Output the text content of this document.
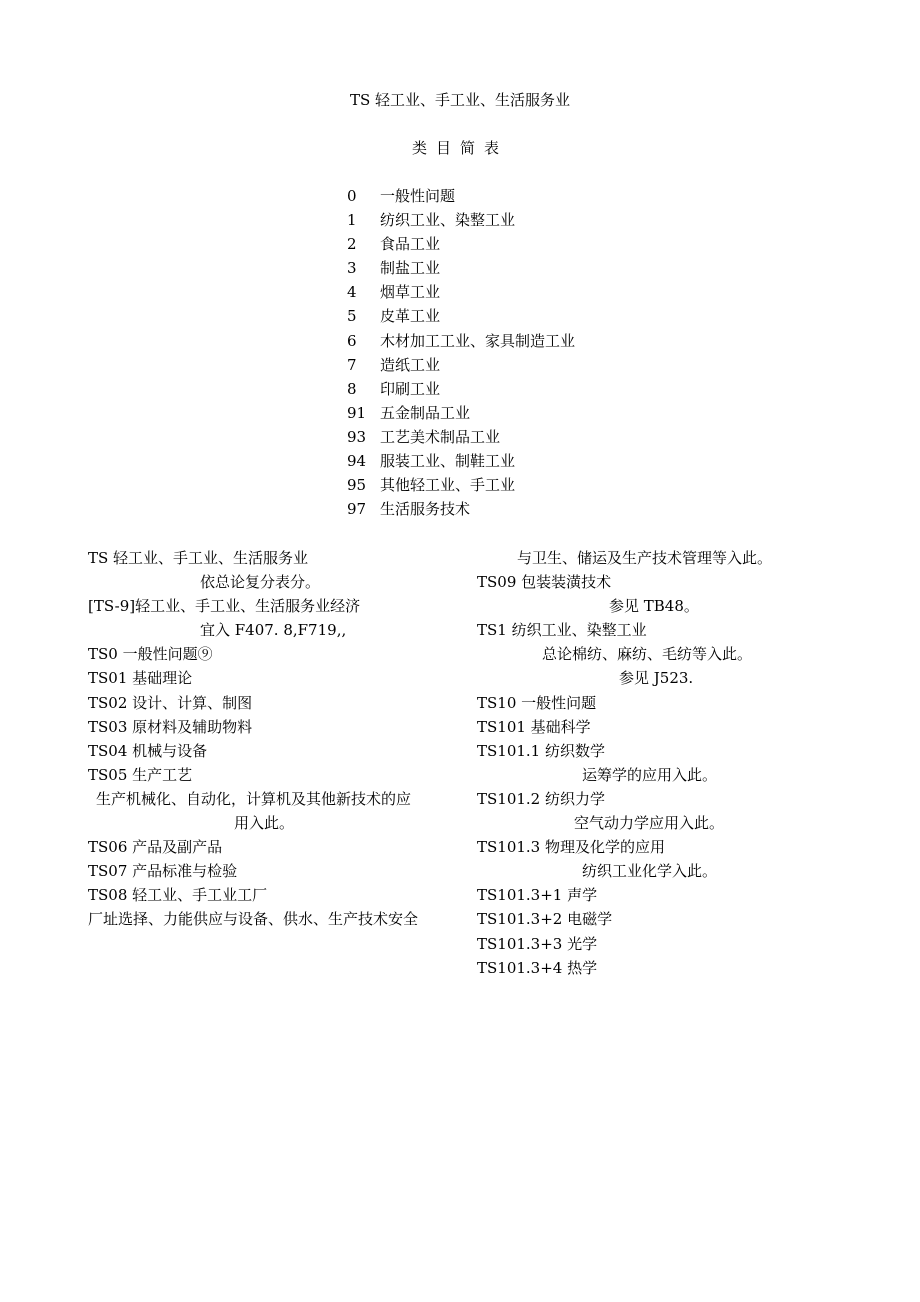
TS 轻工业、手工业、生活服务业
类目简表
0 一般性问题
1 纺织工业、染整工业
2 食品工业
3 制盐工业
4 烟草工业
5 皮革工业
6 木材加工工业、家具制造工业
7 造纸工业
8 印刷工业
91 五金制品工业
93 工艺美术制品工业
94 服装工业、制鞋工业
95 其他轻工业、手工业
97 生活服务技术
TS 轻工业、手工业、生活服务业
依总论复分表分。
[TS-9]轻工业、手工业、生活服务业经济
宜入 F407. 8,F719,,
TS0 一般性问题⑨
TS01 基础理论
TS02 设计、计算、制图
TS03 原材料及辅助物料
TS04 机械与设备
TS05 生产工艺
生产机械化、自动化，计算机及其他新技术的应
用入此。
TS06 产品及副产品
TS07 产品标准与检验
TS08 轻工业、手工业工厂
厂址选择、力能供应与设备、供水、生产技术安全
与卫生、储运及生产技术管理等入此。
TS09 包装装潢技术
参见 TB48。
TS1 纺织工业、染整工业
总论棉纺、麻纺、毛纺等入此。
参见 J523.
TS10 一般性问题
TS101 基础科学
TS101.1 纺织数学
运筹学的应用入此。
TS101.2 纺织力学
空气动力学应用入此。
TS101.3 物理及化学的应用
纺织工业化学入此。
TS101.3+1 声学
TS101.3+2 电磁学
TS101.3+3 光学
TS101.3+4 热学
